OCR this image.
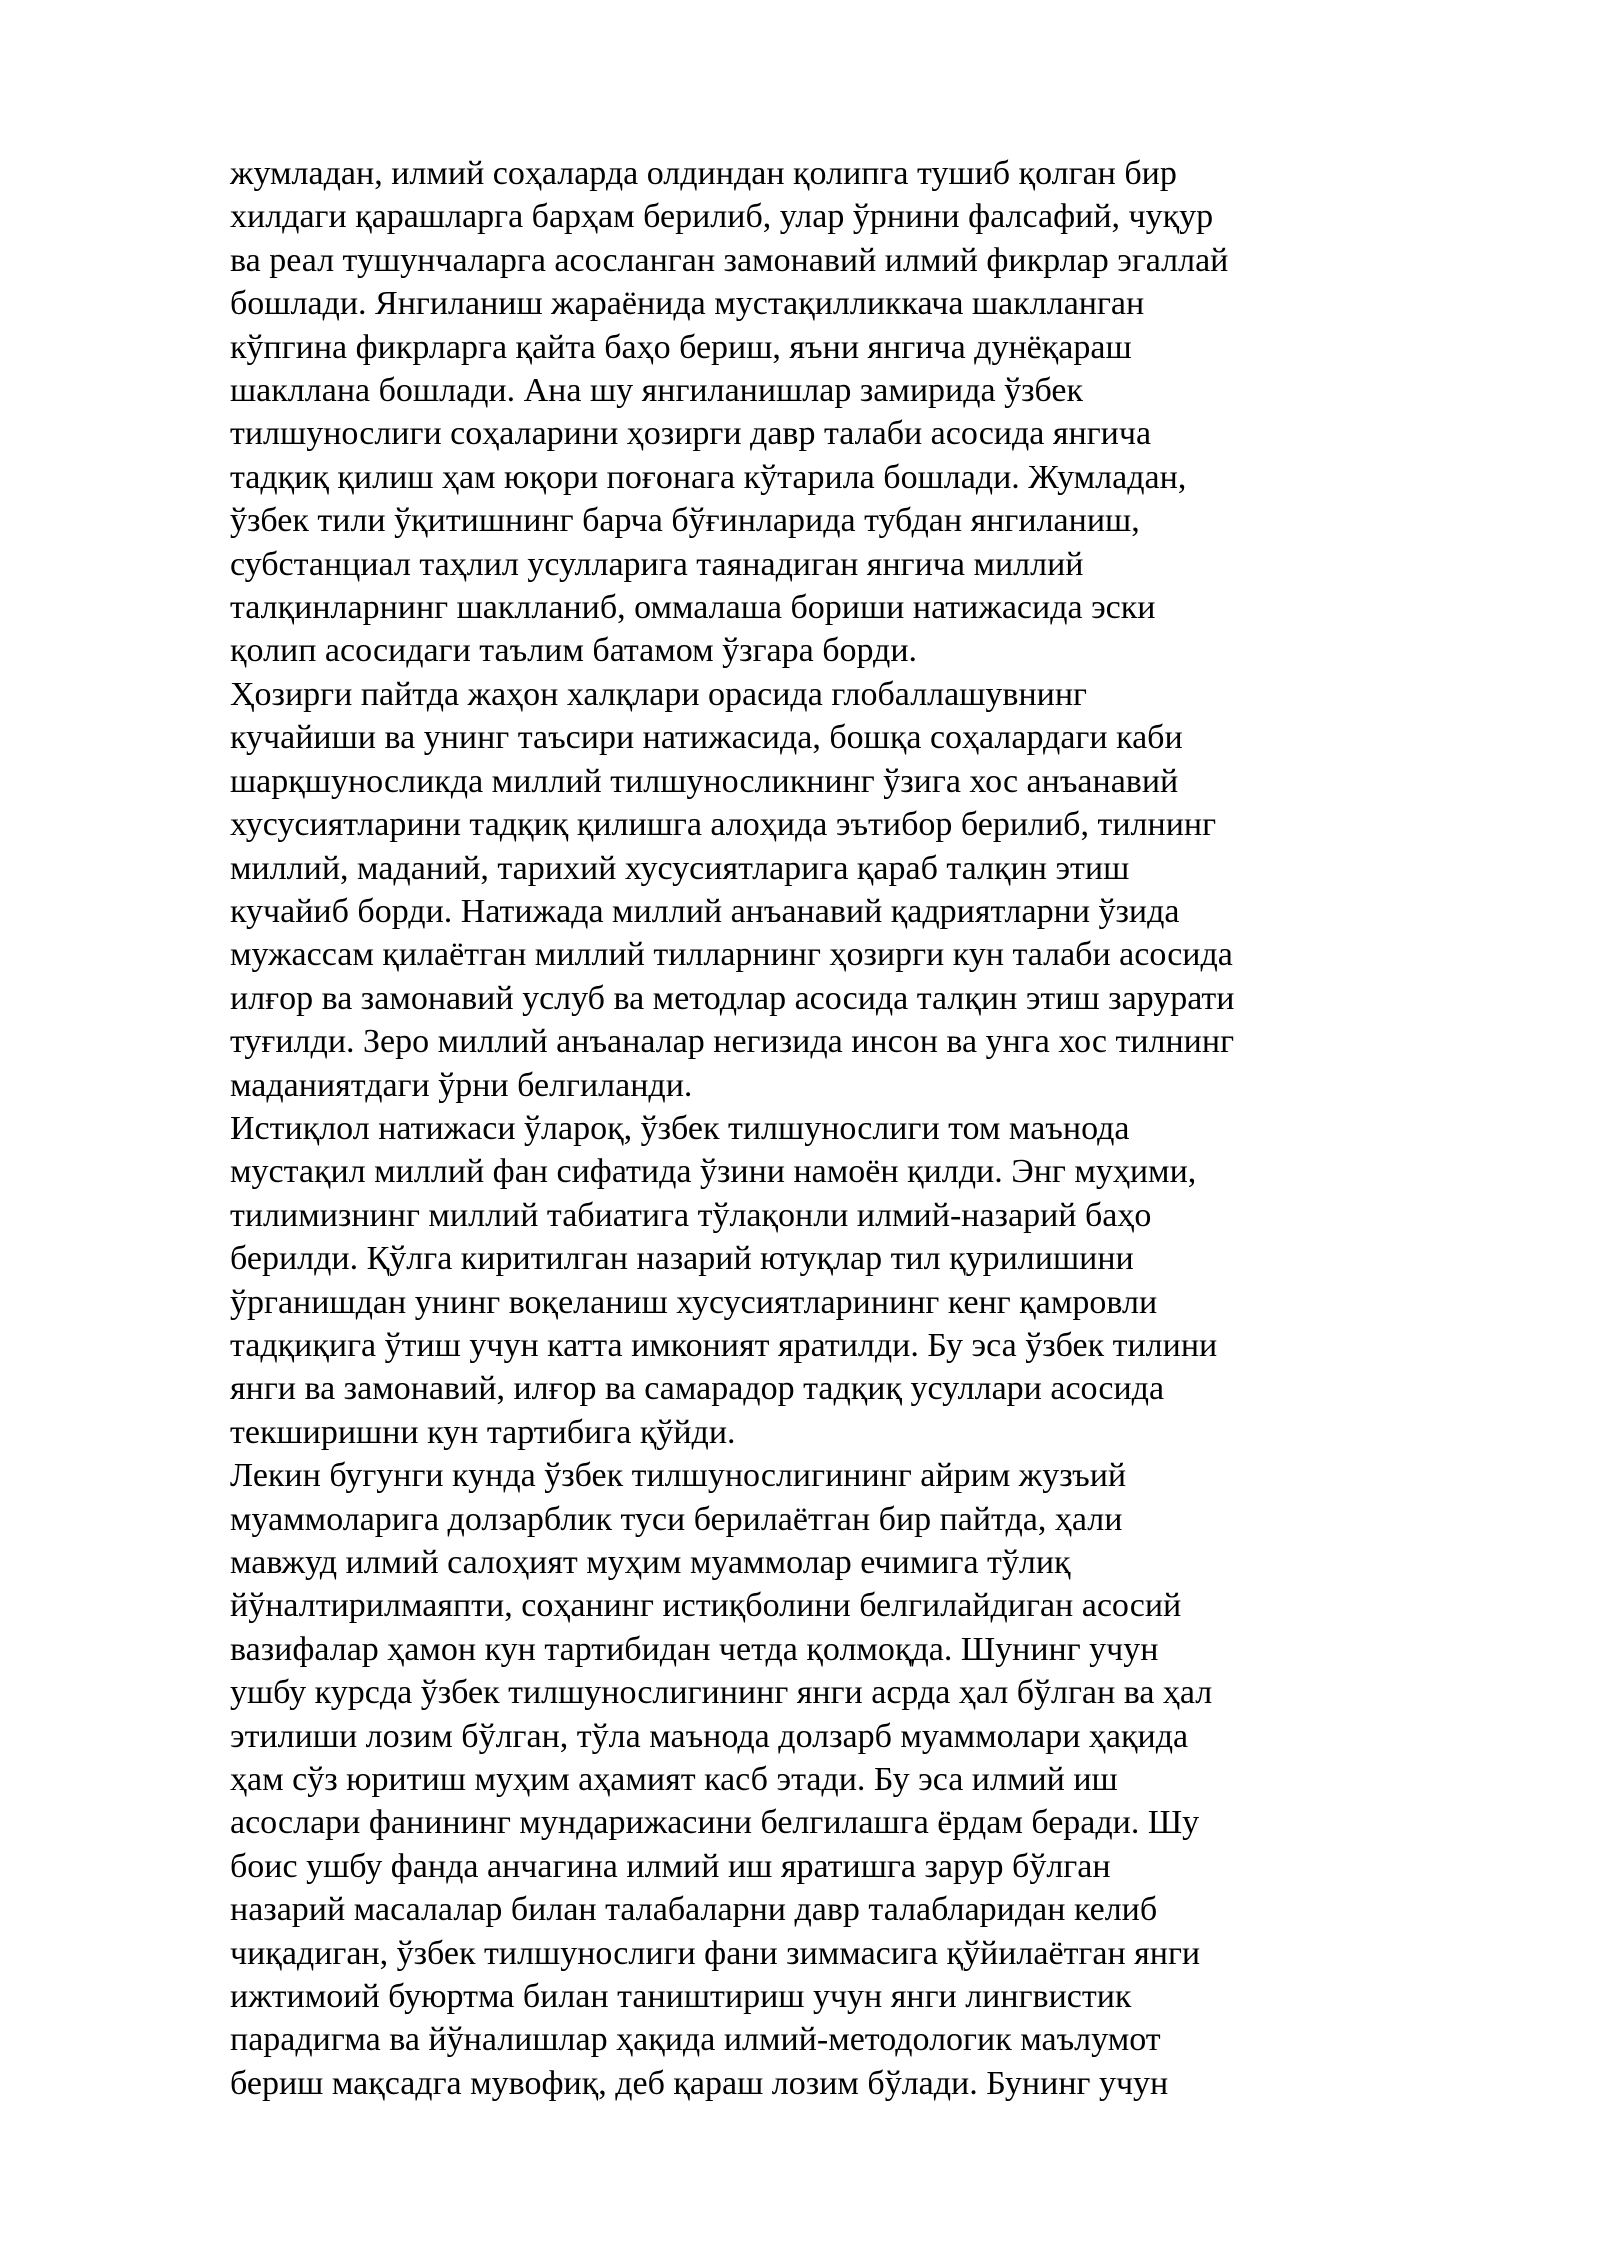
жумладан, илмий соҳаларда олдиндан қолипга тушиб қолган бир
хилдаги қарашларга барҳам берилиб, улар ўрнини фалсафий, чуқур
ва реал тушунчаларга асосланган замонавий илмий фикрлар эгаллай
бошлади. Янгиланиш жараёнида мустақилликкача шаклланган
кўпгина фикрларга қайта баҳо бериш, яъни янгича дунёқараш
шакллана бошлади. Ана шу янгиланишлар замирида ўзбек
тилшунослиги соҳаларини ҳозирги давр талаби асосида янгича
тадқиқ қилиш ҳам юқори поғонага кўтарила бошлади. Жумладан,
ўзбек тили ўқитишнинг барча бўғинларида тубдан янгиланиш,
субстанциал таҳлил усулларига таянадиган янгича миллий
талқинларнинг шаклланиб, оммалаша бориши натижасида эски
қолип асосидаги таълим батамом ўзгара борди.
Ҳозирги пайтда жаҳон халқлари орасида глобаллашувнинг
кучайиши ва унинг таъсири натижасида, бошқа соҳалардаги каби
шарқшуносликда миллий тилшуносликнинг ўзига хос анъанавий
хусусиятларини тадқиқ қилишга алоҳида эътибор берилиб, тилнинг
миллий, маданий, тарихий хусусиятларига қараб талқин этиш
кучайиб борди. Натижада миллий анъанавий қадриятларни ўзида
мужассам қилаётган миллий тилларнинг ҳозирги кун талаби асосида
илғор ва замонавий услуб ва методлар асосида талқин этиш зарурати
туғилди. Зеро миллий анъаналар негизида инсон ва унга хос тилнинг
маданиятдаги ўрни белгиланди.
Истиқлол натижаси ўлароқ, ўзбек тилшунослиги том маънода
мустақил миллий фан сифатида ўзини намоён қилди. Энг муҳими,
тилимизнинг миллий табиатига тўлақонли илмий-назарий баҳо
берилди. Қўлга киритилган назарий ютуқлар тил қурилишини
ўрганишдан унинг воқеланиш хусусиятларининг кенг қамровли
тадқиқига ўтиш учун катта имконият яратилди. Бу эса ўзбек тилини
янги ва замонавий, илғор ва самарадор тадқиқ усуллари асосида
текширишни кун тартибига қўйди.
Лекин бугунги кунда ўзбек тилшунослигининг айрим жузъий
муаммоларига долзарблик туси берилаётган бир пайтда, ҳали
мавжуд илмий салоҳият муҳим муаммолар ечимига тўлиқ
йўналтирилмаяпти, соҳанинг истиқболини белгилайдиган асосий
вазифалар ҳамон кун тартибидан четда қолмоқда. Шунинг учун
ушбу курсда ўзбек тилшунослигининг янги асрда ҳал бўлган ва ҳал
этилиши лозим бўлган, тўла маънода долзарб муаммолари ҳақида
ҳам сўз юритиш муҳим аҳамият касб этади. Бу эса илмий иш
асослари фанининг мундарижасини белгилашга ёрдам беради. Шу
боис ушбу фанда анчагина илмий иш яратишга зарур бўлган
назарий масалалар билан талабаларни давр талабларидан келиб
чиқадиган, ўзбек тилшунослиги фани зиммасига қўйилаётган янги
ижтимоий буюртма билан таништириш учун янги лингвистик
парадигма ва йўналишлар ҳақида илмий-методологик маълумот
бериш мақсадга мувофиқ, деб қараш лозим бўлади. Бунинг учун
